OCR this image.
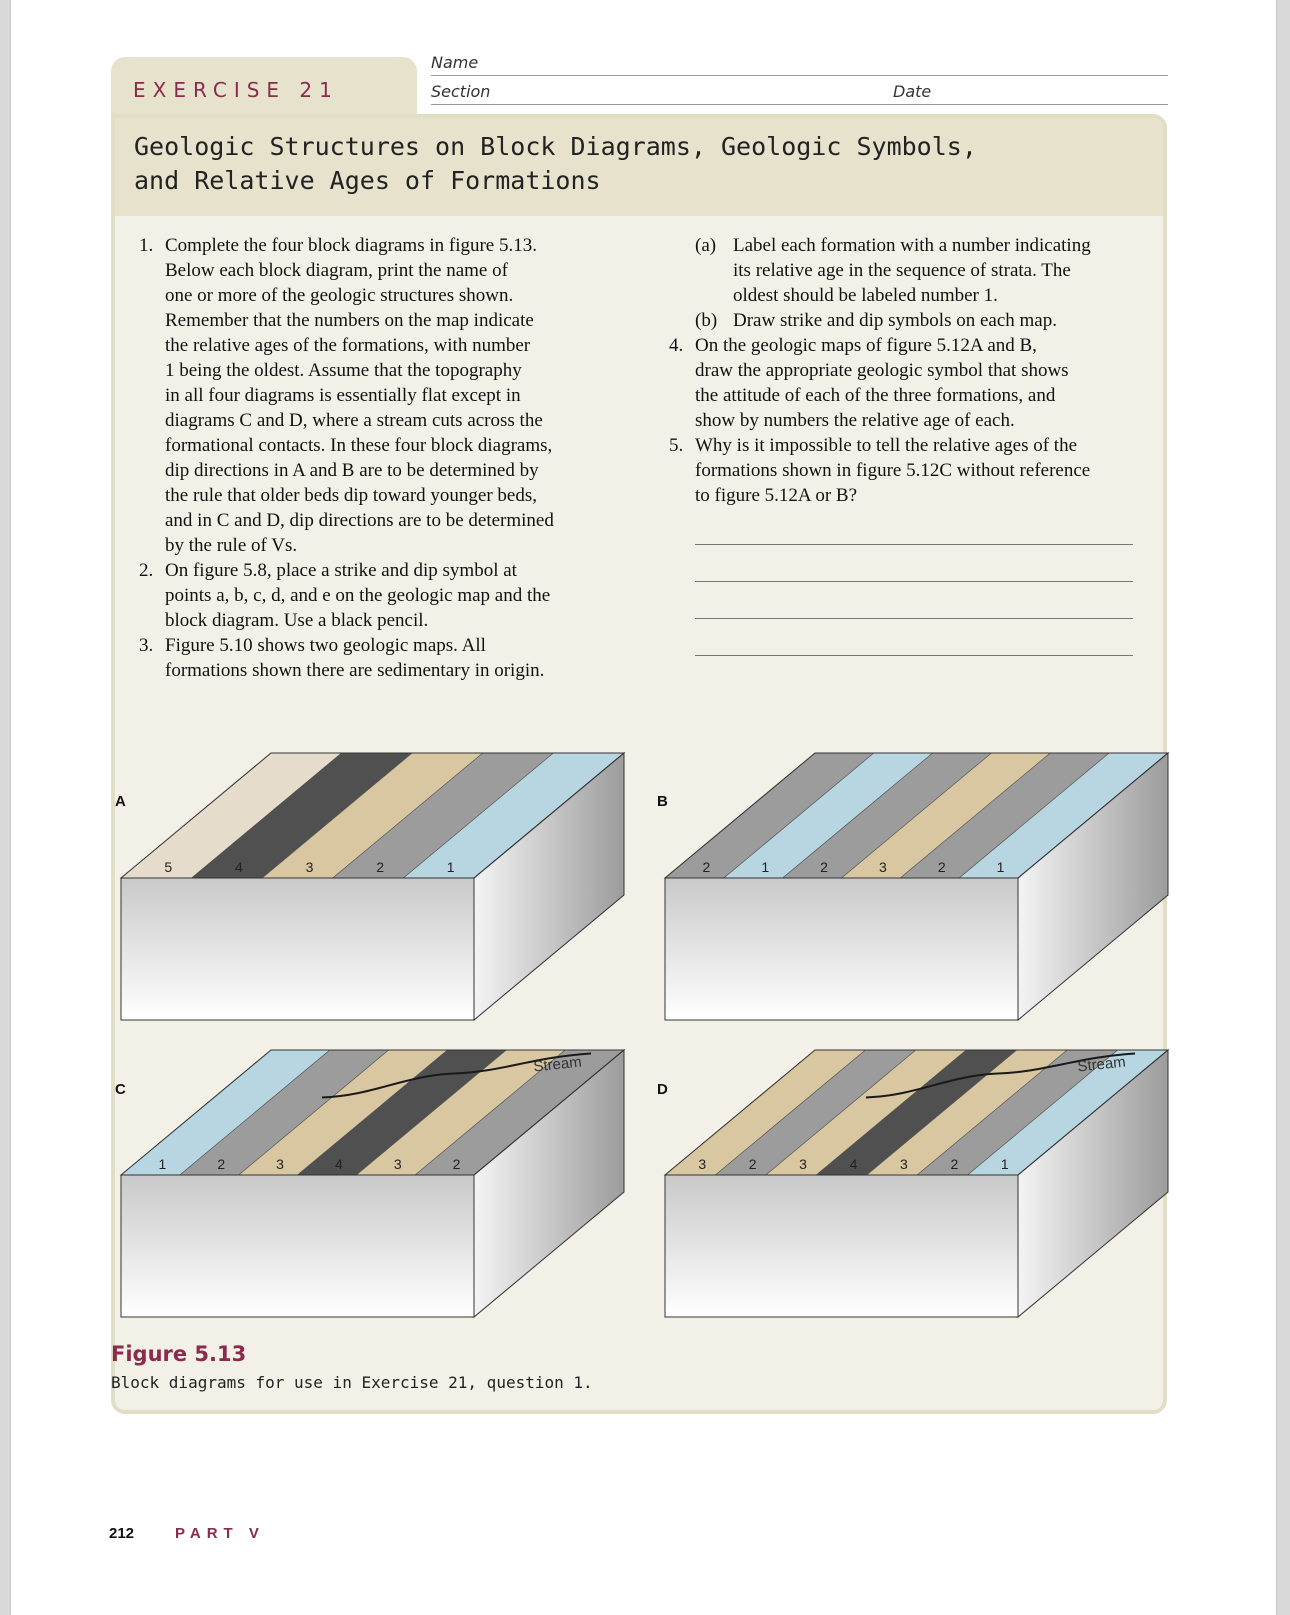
EXERCISE 21
Name
Section	Date
Geologic Structures on Block Diagrams, Geologic Symbols,
and Relative Ages of Formations
1. Complete the four block diagrams in figure 5.13.
Below each block diagram, print the name of
one or more of the geologic structures shown.
Remember that the numbers on the map indicate
the relative ages of the formations, with number
1 being the oldest. Assume that the topography
in all four diagrams is essentially flat except in
diagrams C and D, where a stream cuts across the
formational contacts. In these four block diagrams,
dip directions in A and B are to be determined by
the rule that older beds dip toward younger beds,
and in C and D, dip directions are to be determined
by the rule of Vs.
2. On figure 5.8, place a strike and dip symbol at
points a, b, c, d, and e on the geologic map and the
block diagram. Use a black pencil.
3. Figure 5.10 shows two geologic maps. All
formations shown there are sedimentary in origin.
(a) Label each formation with a number indicating
its relative age in the sequence of strata. The
oldest should be labeled number 1.
(b) Draw strike and dip symbols on each map.
4. On the geologic maps of figure 5.12A and B,
draw the appropriate geologic symbol that shows
the attitude of each of the three formations, and
show by numbers the relative age of each.
5. Why is it impossible to tell the relative ages of the
formations shown in figure 5.12C without reference
to figure 5.12A or B?
A	B
C	D
5	4	3	2	1	2	1	2	3	2	1
1	2	3	4	3	2
Stream
3	2	3	4	3	2	1
Stream
Figure 5.13
Block diagrams for use in Exercise 21, question 1.
212	PART V
